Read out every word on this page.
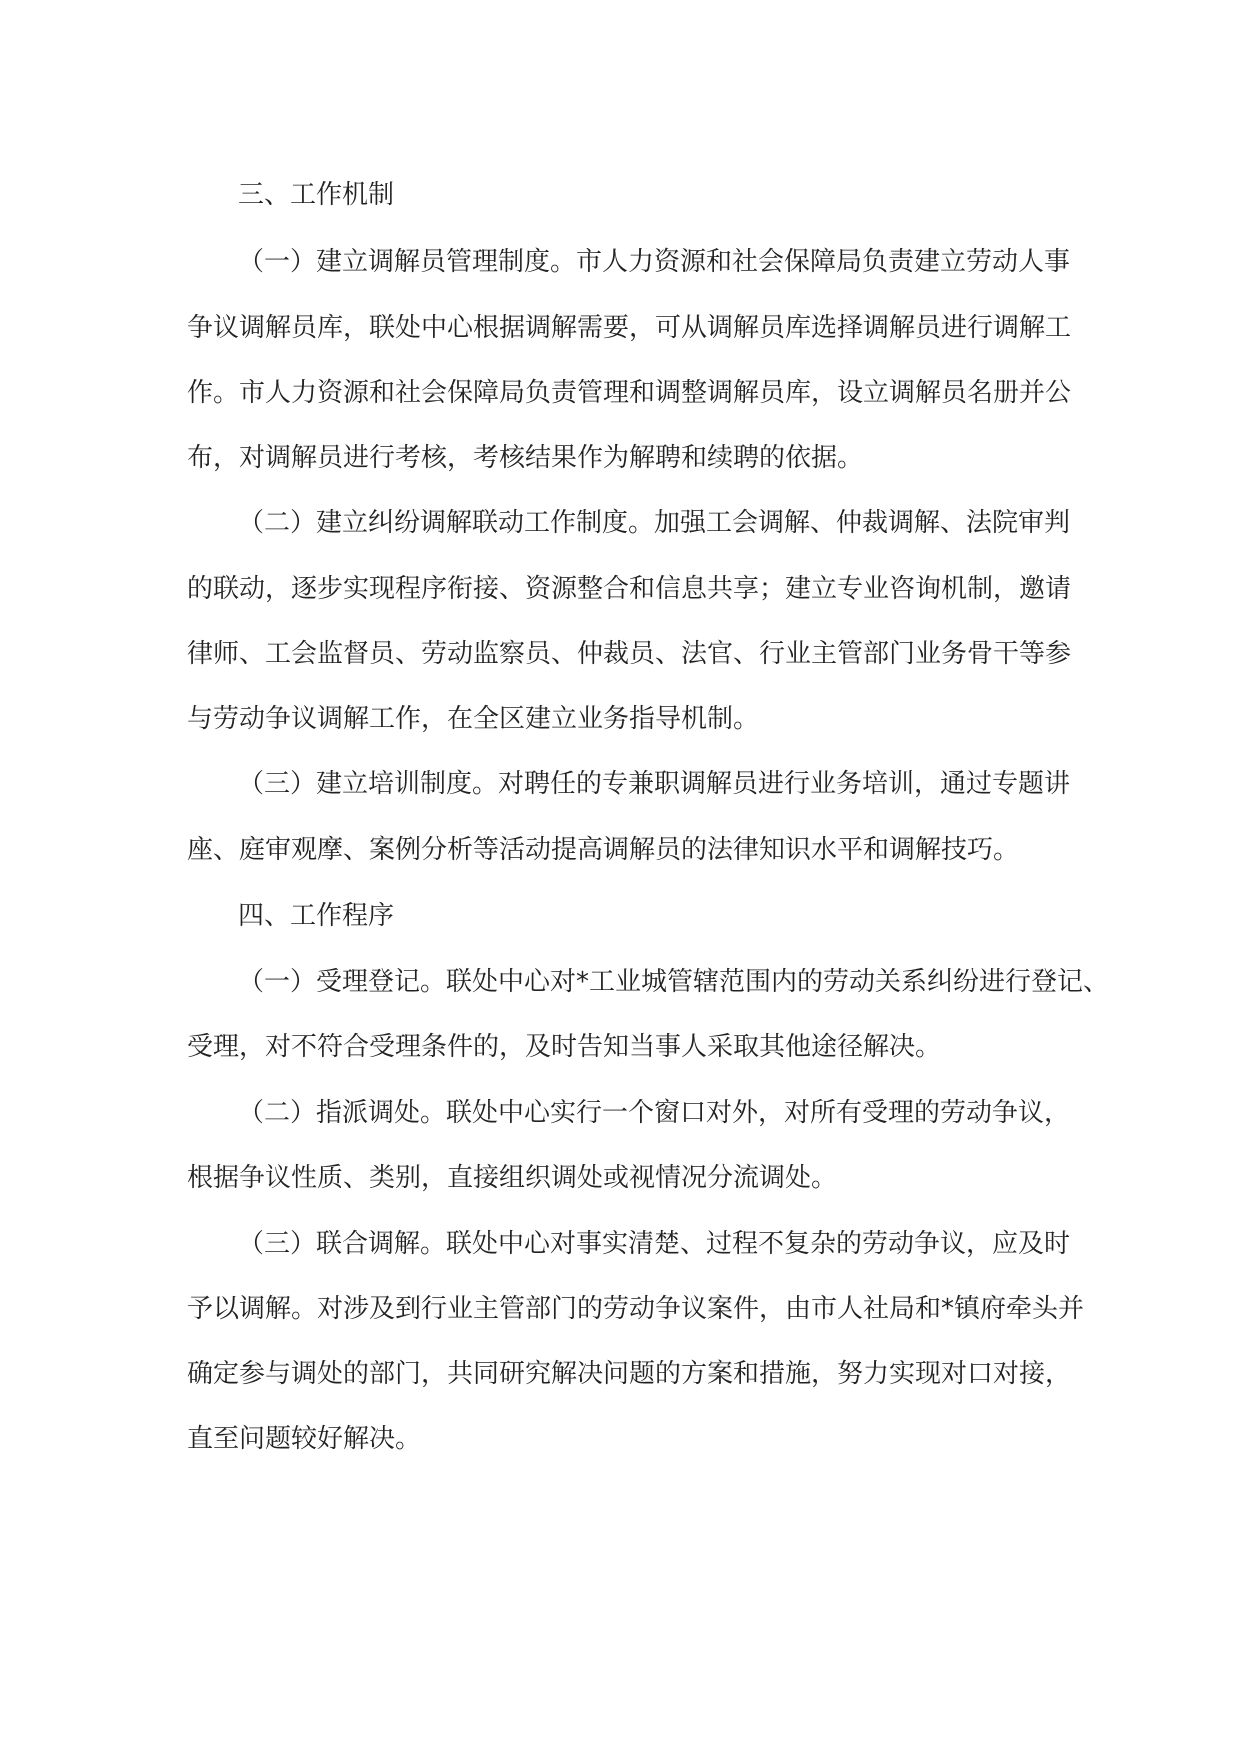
三、工作机制
（一）建立调解员管理制度。市人力资源和社会保障局负责建立劳动人事
争议调解员库，联处中心根据调解需要，可从调解员库选择调解员进行调解工
作。市人力资源和社会保障局负责管理和调整调解员库，设立调解员名册并公
布，对调解员进行考核，考核结果作为解聘和续聘的依据。
（二）建立纠纷调解联动工作制度。加强工会调解、仲裁调解、法院审判
的联动，逐步实现程序衔接、资源整合和信息共享；建立专业咨询机制，邀请
律师、工会监督员、劳动监察员、仲裁员、法官、行业主管部门业务骨干等参
与劳动争议调解工作，在全区建立业务指导机制。
（三）建立培训制度。对聘任的专兼职调解员进行业务培训，通过专题讲
座、庭审观摩、案例分析等活动提高调解员的法律知识水平和调解技巧。
四、工作程序
（一）受理登记。联处中心对*工业城管辖范围内的劳动关系纠纷进行登记、
受理，对不符合受理条件的，及时告知当事人采取其他途径解决。
（二）指派调处。联处中心实行一个窗口对外，对所有受理的劳动争议，
根据争议性质、类别，直接组织调处或视情况分流调处。
（三）联合调解。联处中心对事实清楚、过程不复杂的劳动争议，应及时
予以调解。对涉及到行业主管部门的劳动争议案件，由市人社局和*镇府牵头并
确定参与调处的部门，共同研究解决问题的方案和措施，努力实现对口对接，
直至问题较好解决。
